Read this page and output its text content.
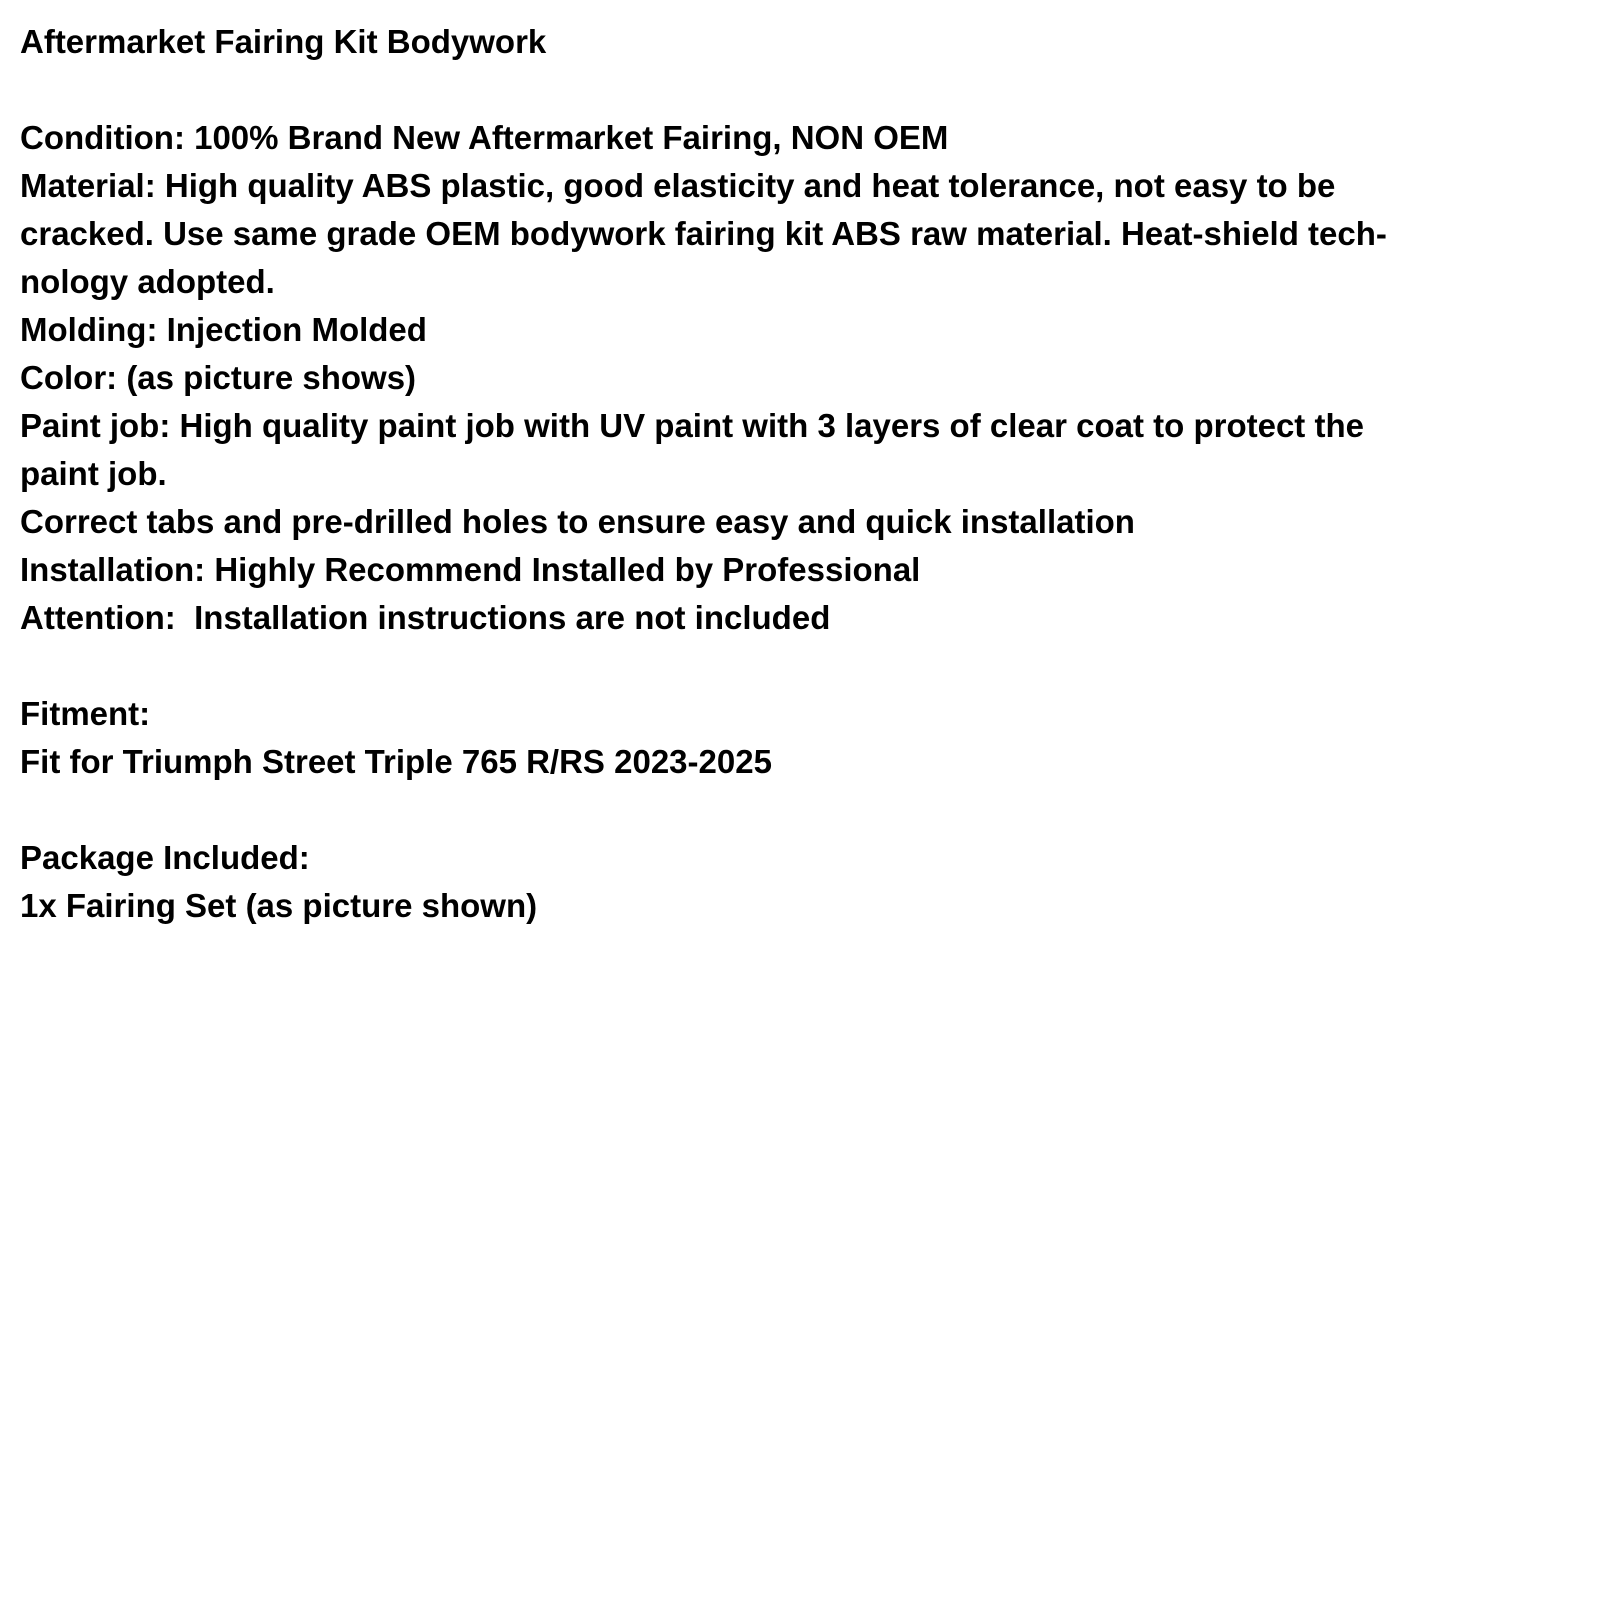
Aftermarket Fairing Kit Bodywork
Condition: 100% Brand New Aftermarket Fairing, NON OEM
Material: High quality ABS plastic, good elasticity and heat tolerance, not easy to be
cracked. Use same grade OEM bodywork fairing kit ABS raw material. Heat-shield tech-
nology adopted.
Molding: Injection Molded
Color: (as picture shows)
Paint job: High quality paint job with UV paint with 3 layers of clear coat to protect the
paint job.
Correct tabs and pre-drilled holes to ensure easy and quick installation
Installation: Highly Recommend Installed by Professional
Attention:  Installation instructions are not included
Fitment:
Fit for Triumph Street Triple 765 R/RS 2023-2025
Package Included:
1x Fairing Set (as picture shown)
